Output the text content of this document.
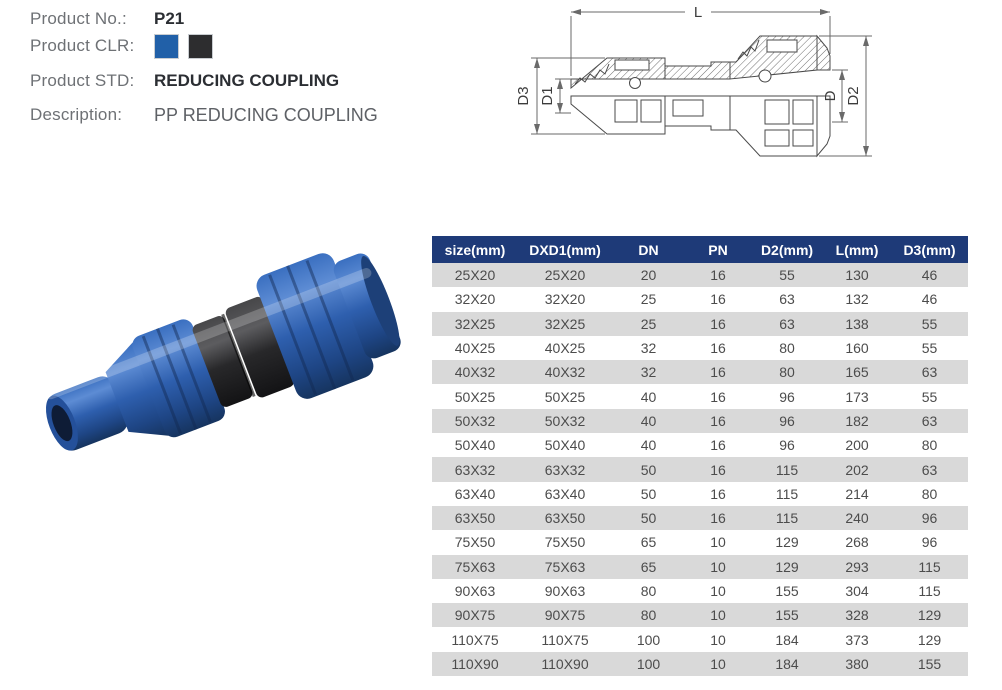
Product No.:	P21
Product CLR:
Product STD:	REDUCING COUPLING
Description:	PP REDUCING COUPLING
L
D3 D1	D D2
size(mm)	DXD1(mm)	DN	PN	D2(mm)	L(mm)	D3(mm)
25X20	25X20	20	16	55	130	46
32X20	32X20	25	16	63	132	46
32X25	32X25	25	16	63	138	55
40X25	40X25	32	16	80	160	55
40X32	40X32	32	16	80	165	63
50X25	50X25	40	16	96	173	55
50X32	50X32	40	16	96	182	63
50X40	50X40	40	16	96	200	80
63X32	63X32	50	16	115	202	63
63X40	63X40	50	16	115	214	80
63X50	63X50	50	16	115	240	96
75X50	75X50	65	10	129	268	96
75X63	75X63	65	10	129	293	115
90X63	90X63	80	10	155	304	115
90X75	90X75	80	10	155	328	129
110X75	110X75	100	10	184	373	129
110X90	110X90	100	10	184	380	155
